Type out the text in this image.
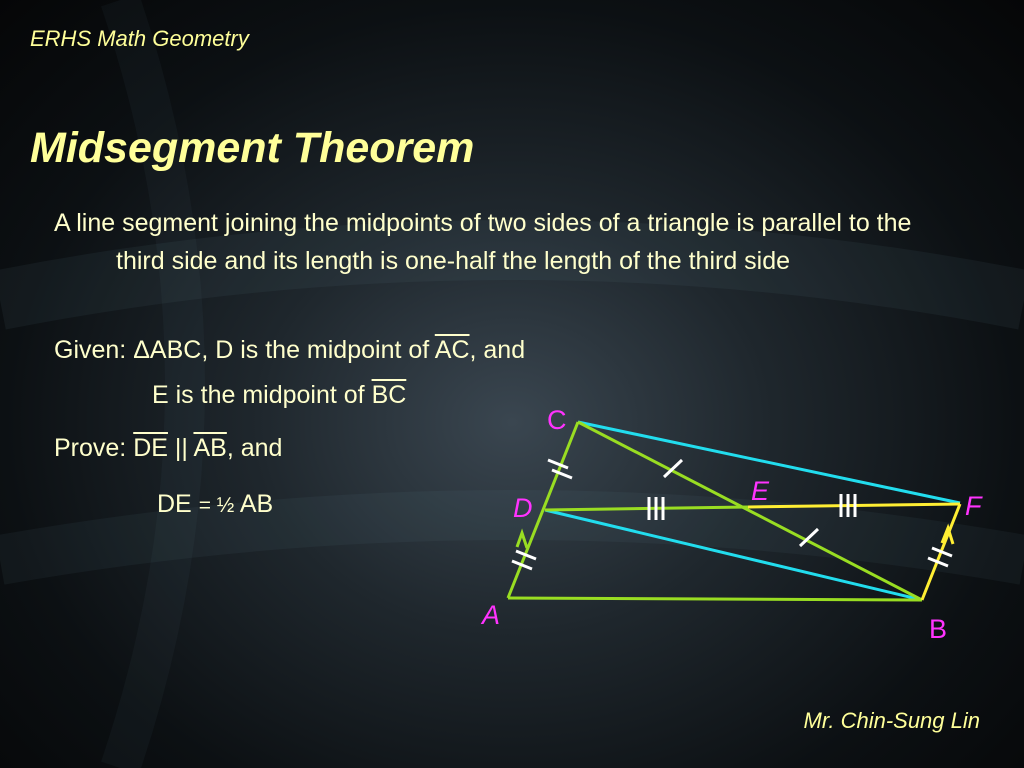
ERHS Math Geometry
Midsegment Theorem
A line segment joining the midpoints of two sides of a triangle is parallel to the third side and its length is one-half the length of the third side
Given: ΔABC, D is the midpoint of $\overline{AC}$, and
E is the midpoint of $\overline{BC}$
Prove: $\overline{DE}$ || $\overline{AB}$, and
DE = ½ AB
C
D
E	F
A	B
Mr. Chin-Sung Lin
